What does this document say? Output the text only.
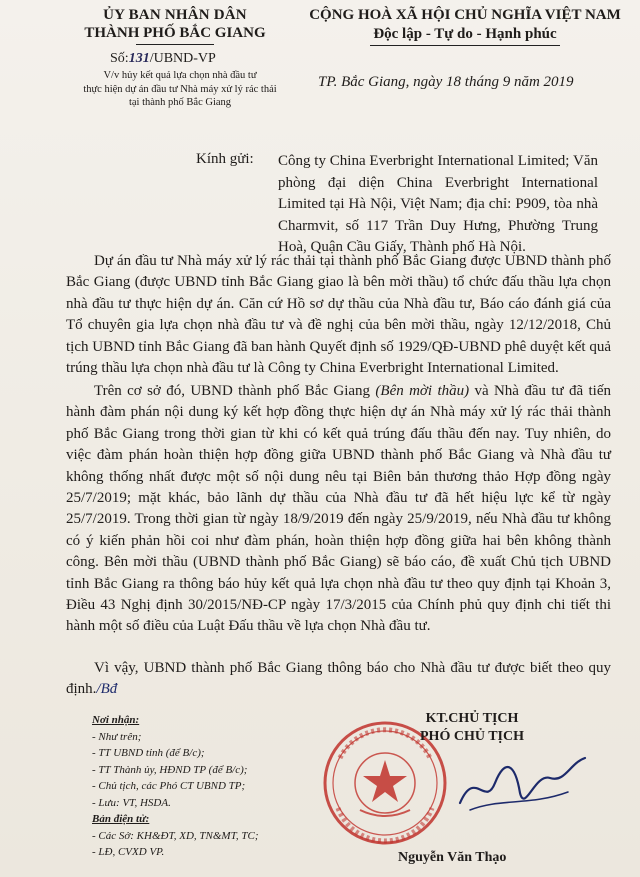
ỦY BAN NHÂN DÂN
THÀNH PHỐ BẮC GIANG
CỘNG HOÀ XÃ HỘI CHỦ NGHĨA VIỆT NAM
Độc lập - Tự do - Hạnh phúc
Số:131/UBND-VP
V/v hủy kết quả lựa chọn nhà đầu tư
thực hiện dự án đầu tư Nhà máy xử lý rác thải
tại thành phố Bắc Giang
TP. Bắc Giang, ngày 18 tháng 9 năm 2019
Kính gửi: Công ty China Everbright International Limited; Văn phòng đại diện China Everbright International Limited tại Hà Nội, Việt Nam; địa chỉ: P909, tòa nhà Charmvit, số 117 Trần Duy Hưng, Phường Trung Hoà, Quận Cầu Giấy, Thành phố Hà Nội.
Dự án đầu tư Nhà máy xử lý rác thải tại thành phố Bắc Giang được UBND thành phố Bắc Giang (được UBND tỉnh Bắc Giang giao là bên mời thầu) tổ chức đấu thầu lựa chọn nhà đầu tư thực hiện dự án. Căn cứ Hồ sơ dự thầu của Nhà đầu tư, Báo cáo đánh giá của Tổ chuyên gia lựa chọn nhà đầu tư và đề nghị của bên mời thầu, ngày 12/12/2018, Chủ tịch UBND tỉnh Bắc Giang đã ban hành Quyết định số 1929/QĐ-UBND phê duyệt kết quả trúng thầu lựa chọn nhà đầu tư là Công ty China Everbright International Limited.
Trên cơ sở đó, UBND thành phố Bắc Giang (Bên mời thầu) và Nhà đầu tư đã tiến hành đàm phán nội dung ký kết hợp đồng thực hiện dự án Nhà máy xử lý rác thải thành phố Bắc Giang trong thời gian từ khi có kết quả trúng đấu thầu đến nay. Tuy nhiên, do việc đàm phán hoàn thiện hợp đồng giữa UBND thành phố Bắc Giang và Nhà đầu tư không thống nhất được một số nội dung nêu tại Biên bản thương thảo Hợp đồng ngày 25/7/2019; mặt khác, bảo lãnh dự thầu của Nhà đầu tư đã hết hiệu lực kể từ ngày 25/7/2019. Trong thời gian từ ngày 18/9/2019 đến ngày 25/9/2019, nếu Nhà đầu tư không có ý kiến phản hồi coi như đàm phán, hoàn thiện hợp đồng giữa hai bên không thành công. Bên mời thầu (UBND thành phố Bắc Giang) sẽ báo cáo, đề xuất Chủ tịch UBND tỉnh Bắc Giang ra thông báo hủy kết quả lựa chọn nhà đầu tư theo quy định tại Khoản 3, Điều 43 Nghị định 30/2015/NĐ-CP ngày 17/3/2015 của Chính phủ quy định chi tiết thi hành một số điều của Luật Đấu thầu về lựa chọn Nhà đầu tư.
Vì vậy, UBND thành phố Bắc Giang thông báo cho Nhà đầu tư được biết theo quy định./Bđ
Nơi nhận:
- Như trên;
- TT UBND tỉnh (để B/c);
- TT Thành ủy, HĐND TP (để B/c);
- Chủ tịch, các Phó CT UBND TP;
- Lưu: VT, HSDA.
Bản điện tử:
- Các Sở: KH&ĐT, XD, TN&MT, TC;
- LĐ, CVXD VP.
KT.CHỦ TỊCH
PHÓ CHỦ TỊCH
Nguyễn Văn Thạo
